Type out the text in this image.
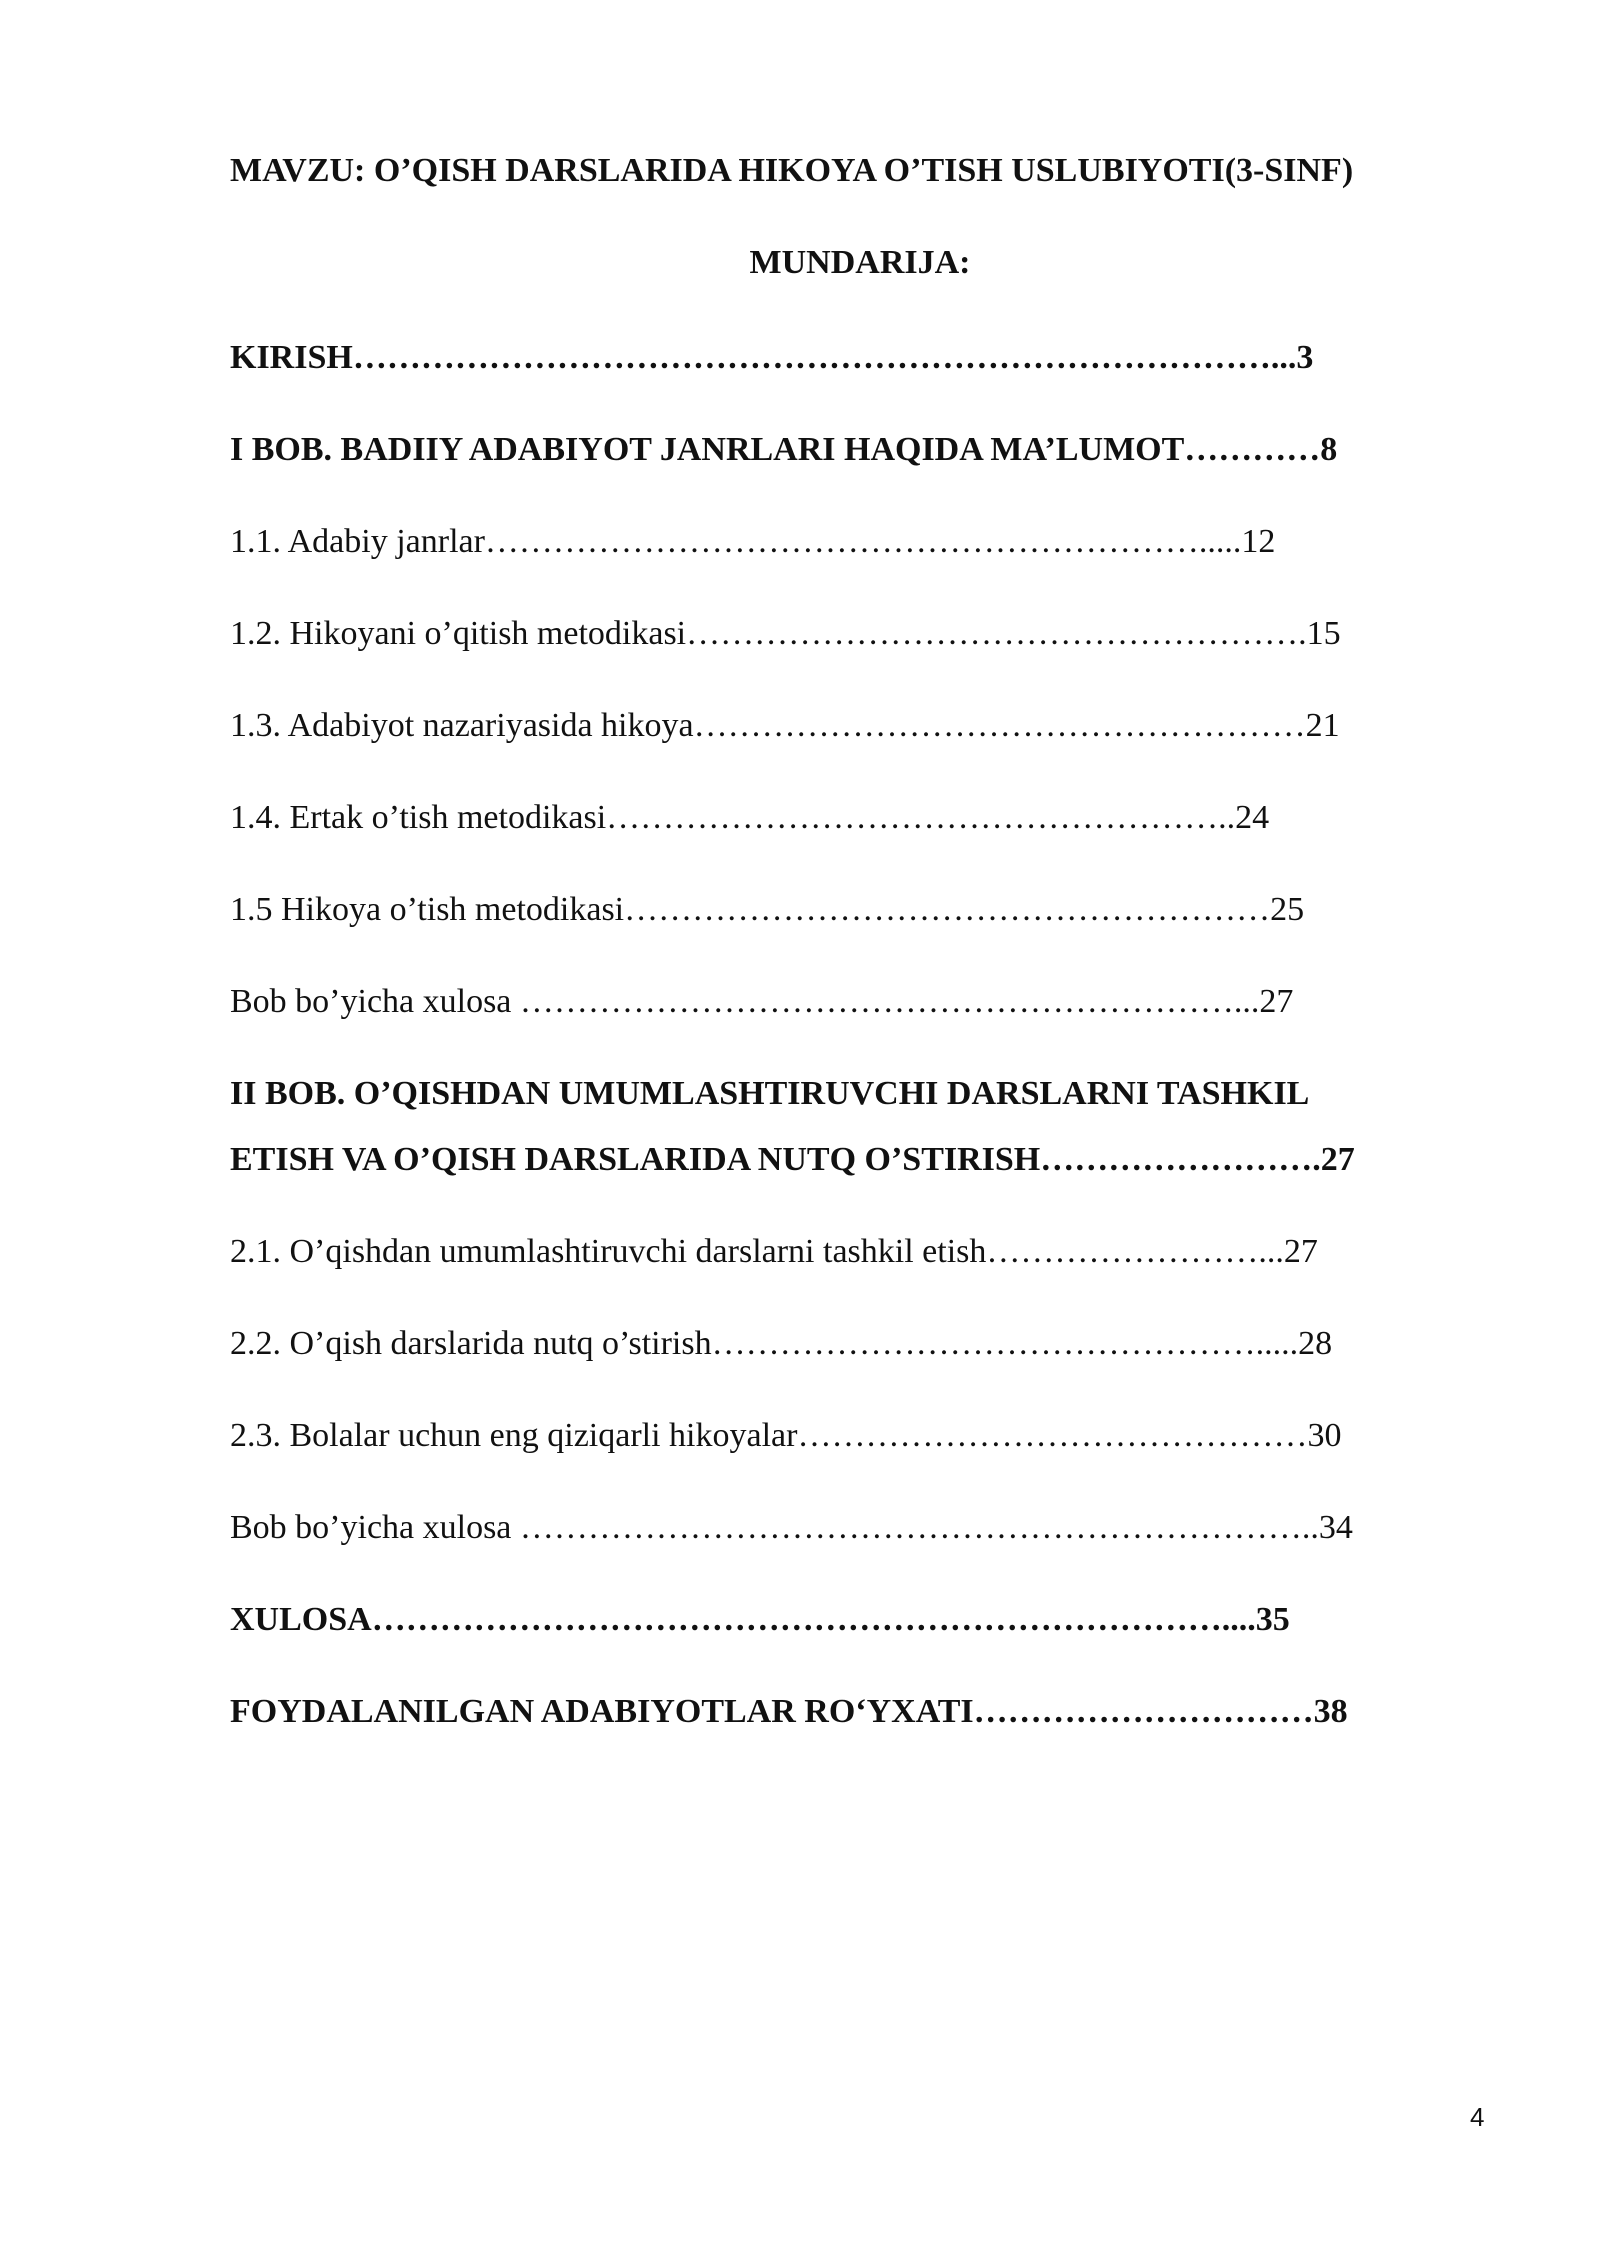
MAVZU: O’QISH DARSLARIDA HIKOYA O’TISH USLUBIYOTI(3-SINF)
MUNDARIJA:
KIRISH………………………………………………………………………...3
I BOB. BADIIY ADABIYOT JANRLARI HAQIDA MA’LUMOT…………8
1.1. Adabiy janrlar……………………………………………………….....12
1.2. Hikoyani o’qitish metodikasi……………………………………………….15
1.3. Adabiyot nazariyasida hikoya………………………………………………21
1.4. Ertak o’tish metodikasi………………………………………………..24
1.5 Hikoya o’tish metodikasi…………………………………………………25
Bob bo’yicha xulosa ………………………………………………………...27
II BOB. O’QISHDAN UMUMLASHTIRUVCHI DARSLARNI TASHKIL
ETISH VA O’QISH DARSLARIDA NUTQ O’STIRISH…………………….27
2.1. O’qishdan umumlashtiruvchi darslarni tashkil etish……………………...27
2.2. O’qish darslarida nutq o’stirish………………………………………….....28
2.3. Bolalar uchun eng qiziqarli hikoyalar………………………………………30
Bob bo’yicha xulosa ……………………………………………………………..34
XULOSA…………………………………………………………………....35
FOYDALANILGAN ADABIYOTLAR RO‘YXATI…………………………38
4
